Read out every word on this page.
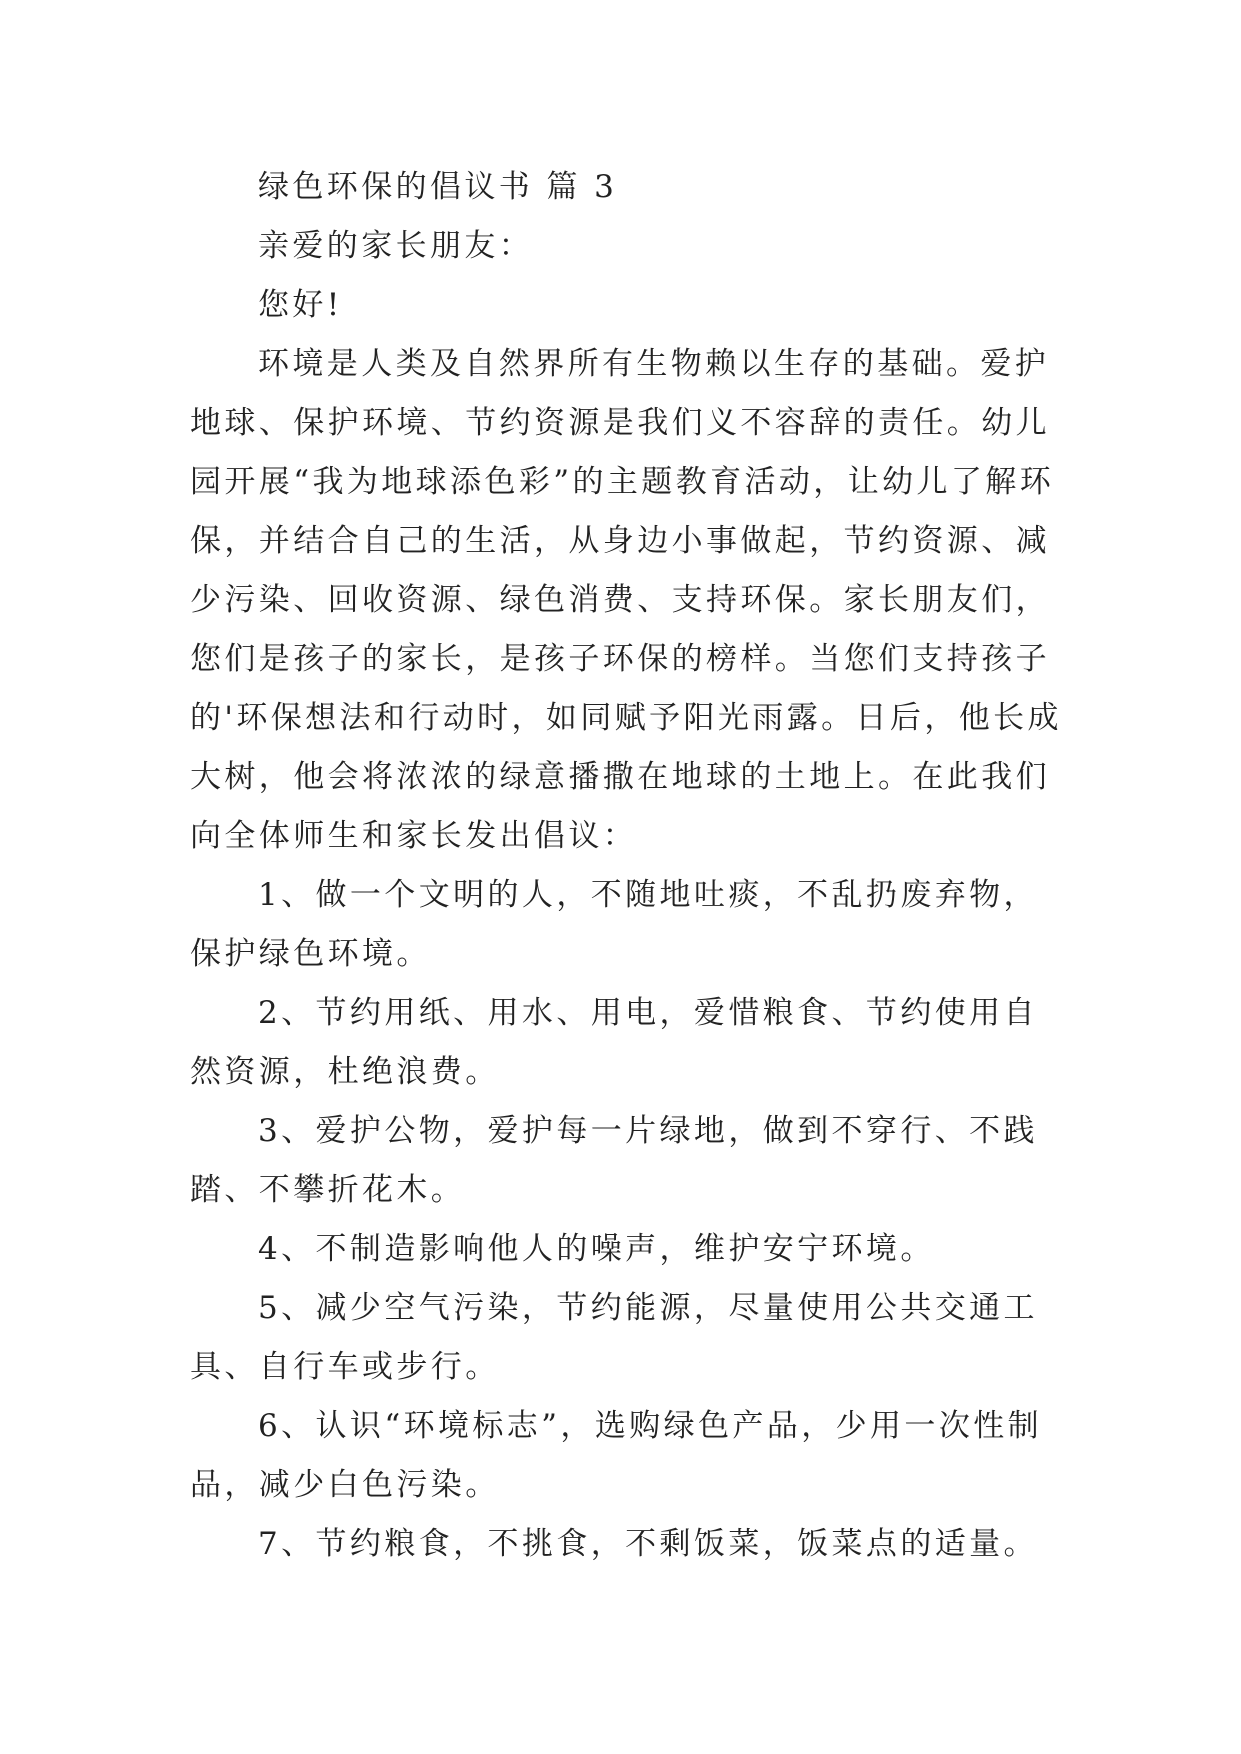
绿色环保的倡议书 篇 3

亲爱的家长朋友：

您好!

环境是人类及自然界所有生物赖以生存的基础。爱护地球、保护环境、节约资源是我们义不容辞的责任。幼儿园开展“我为地球添色彩”的主题教育活动，让幼儿了解环保，并结合自己的生活，从身边小事做起，节约资源、减少污染、回收资源、绿色消费、支持环保。家长朋友们，您们是孩子的家长，是孩子环保的榜样。当您们支持孩子的'环保想法和行动时，如同赋予阳光雨露。日后，他长成大树，他会将浓浓的绿意播撒在地球的土地上。在此我们向全体师生和家长发出倡议：

1、做一个文明的人，不随地吐痰，不乱扔废弃物，保护绿色环境。

2、节约用纸、用水、用电，爱惜粮食、节约使用自然资源，杜绝浪费。

3、爱护公物，爱护每一片绿地，做到不穿行、不践踏、不攀折花木。

4、不制造影响他人的噪声，维护安宁环境。

5、减少空气污染，节约能源，尽量使用公共交通工具、自行车或步行。

6、认识“环境标志”，选购绿色产品，少用一次性制品，减少白色污染。

7、节约粮食，不挑食，不剩饭菜，饭菜点的适量。
